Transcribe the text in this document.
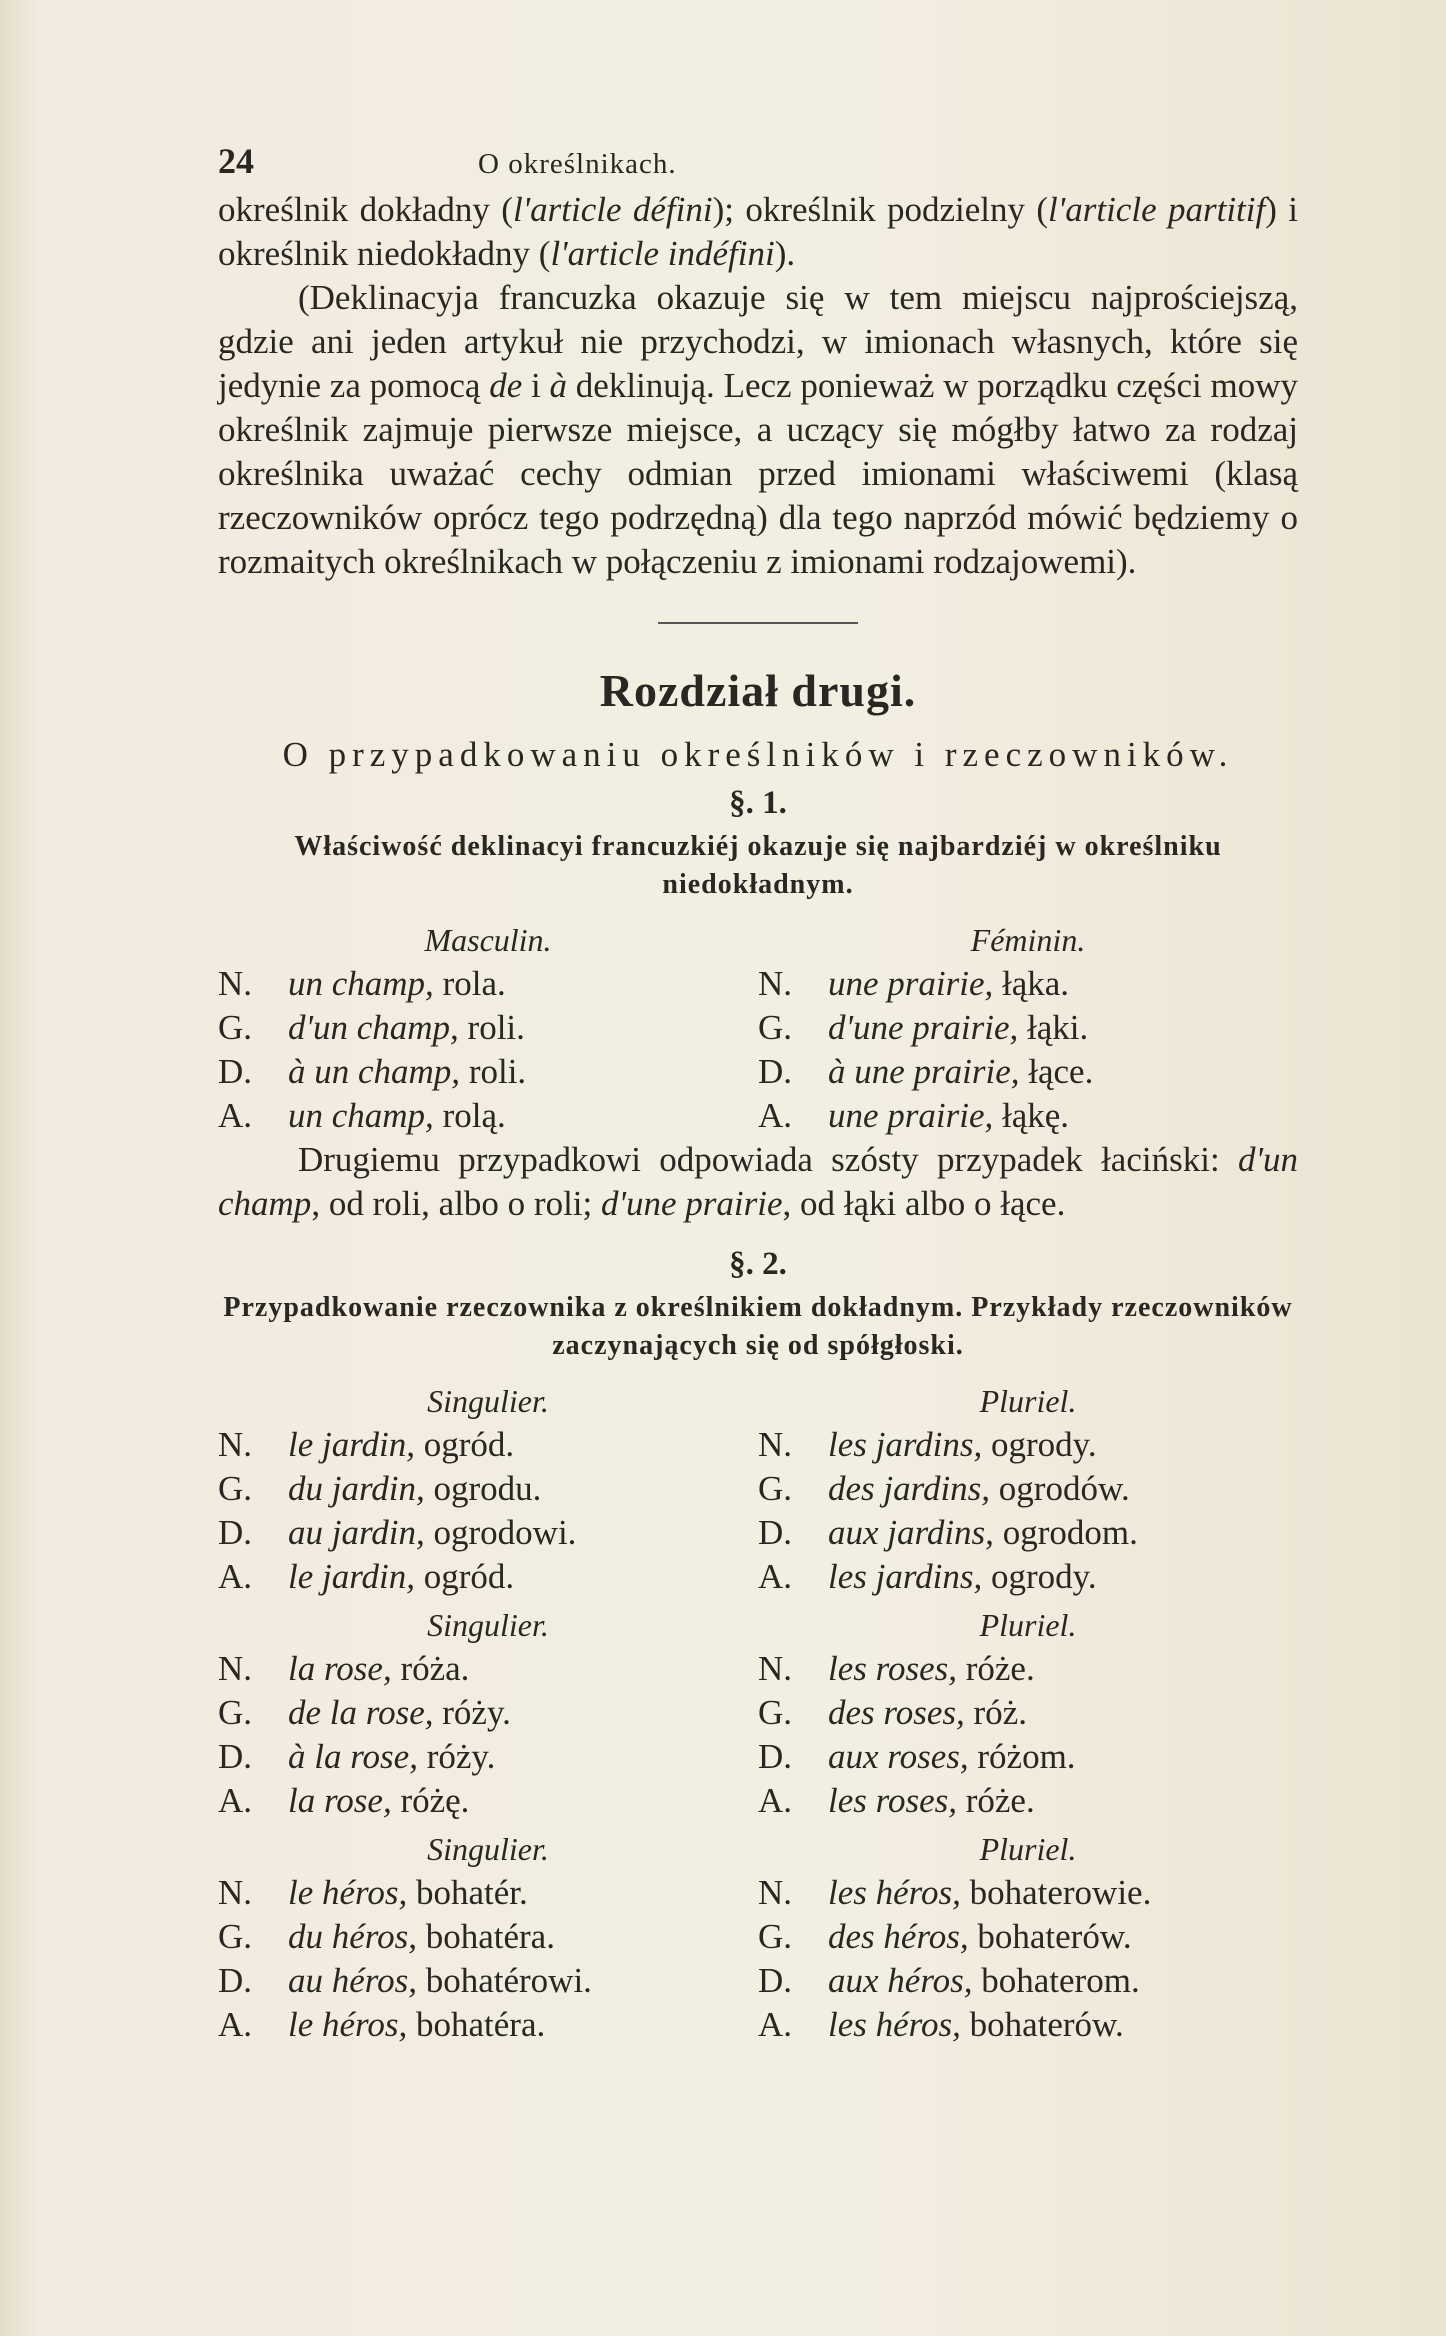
24	O określnikach.

określnik dokładny (l'article défini); określnik podzielny (l'article partitif) i określnik niedokładny (l'article indéfini).

(Deklinacyja francuzka okazuje się w tem miejscu najprościejszą, gdzie ani jeden artykuł nie przychodzi, w imionach własnych, które się jedynie za pomocą de i à deklinują. Lecz ponieważ w porządku części mowy określnik zajmuje pierwsze miejsce, a uczący się mógłby łatwo za rodzaj określnika uważać cechy odmian przed imionami właściwemi (klasą rzeczowników oprócz tego podrzędną) dla tego naprzód mówić będziemy o rozmaitych określnikach w połączeniu z imionami rodzajowemi).

Rozdział drugi.
O przypadkowaniu określników i rzeczowników.
§. 1.
Właściwość deklinacyi francuzkiéj okazuje się najbardziéj w określniku niedokładnym.
Masculin.
N. un champ, rola.
G. d'un champ, roli.
D. à un champ, roli.
A. un champ, rolą.
Féminin.
N. une prairie, łąka.
G. d'une prairie, łąki.
D. à une prairie, łące.
A. une prairie, łąkę.

Drugiemu przypadkowi odpowiada szósty przypadek łaciński: d'un champ, od roli, albo o roli; d'une prairie, od łąki albo o łące.

§. 2.
Przypadkowanie rzeczownika z określnikiem dokładnym. Przykłady rzeczowników zaczynających się od spółgłoski.
Singulier.
N. le jardin, ogród.
G. du jardin, ogrodu.
D. au jardin, ogrodowi.
A. le jardin, ogród.
Pluriel.
N. les jardins, ogrody.
G. des jardins, ogrodów.
D. aux jardins, ogrodom.
A. les jardins, ogrody.
Singulier.
N. la rose, róża.
G. de la rose, róży.
D. à la rose, róży.
A. la rose, różę.
Pluriel.
N. les roses, róże.
G. des roses, róż.
D. aux roses, różom.
A. les roses, róże.
Singulier.
N. le héros, bohatér.
G. du héros, bohatéra.
D. au héros, bohatérowi.
A. le héros, bohatéra.
Pluriel.
N. les héros, bohaterowie.
G. des héros, bohaterów.
D. aux héros, bohaterom.
A. les héros, bohaterów.
